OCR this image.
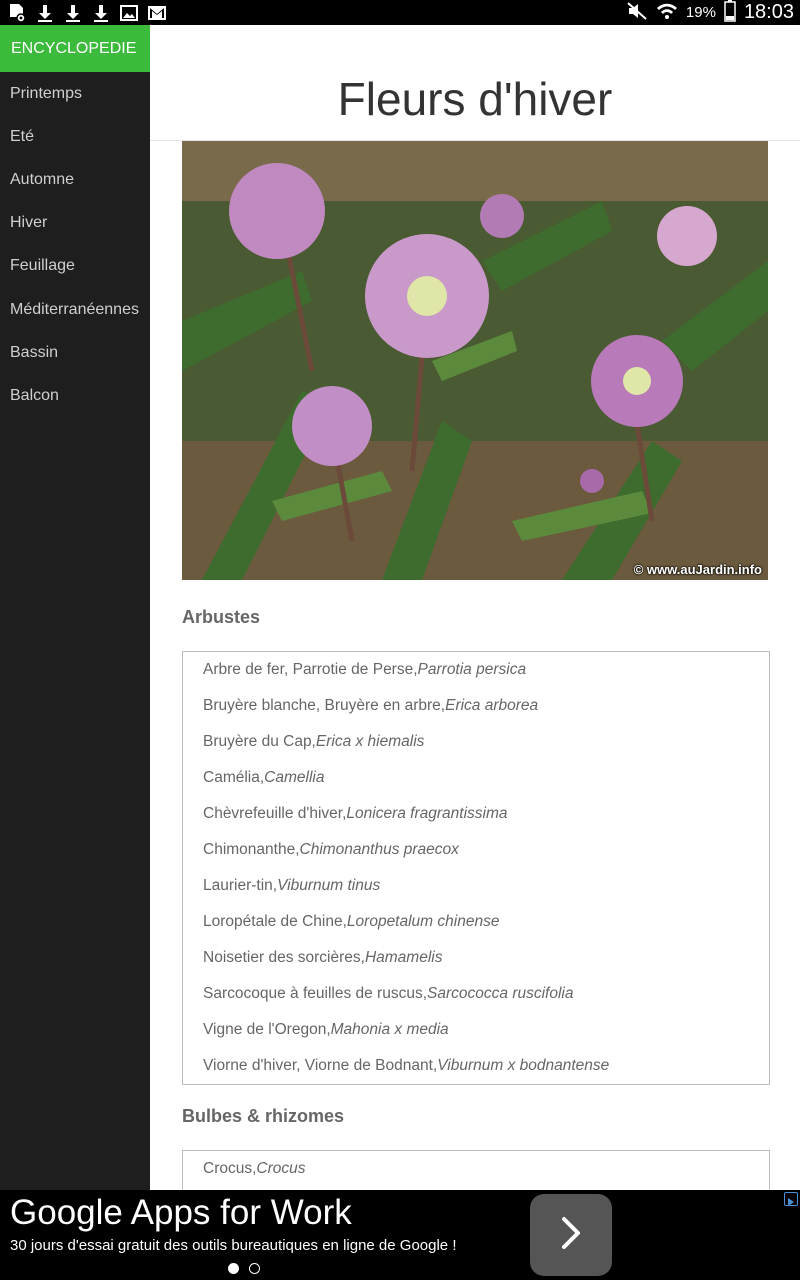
19% 18:03
ENCYCLOPEDIE
Printemps
Eté
Automne
Hiver
Feuillage
Méditerranéennes
Bassin
Balcon
Fleurs d'hiver
© www.auJardin.info
Arbustes
Arbre de fer, Parrotie de Perse, Parrotia persica
Bruyère blanche, Bruyère en arbre, Erica arborea
Bruyère du Cap, Erica x hiemalis
Camélia, Camellia
Chèvrefeuille d'hiver, Lonicera fragrantissima
Chimonanthe, Chimonanthus praecox
Laurier-tin, Viburnum tinus
Loropétale de Chine, Loropetalum chinense
Noisetier des sorcières, Hamamelis
Sarcocoque à feuilles de ruscus, Sarcococca ruscifolia
Vigne de l'Oregon, Mahonia x media
Viorne d'hiver, Viorne de Bodnant, Viburnum x bodnantense
Bulbes & rhizomes
Crocus, Crocus
Google Apps for Work
30 jours d'essai gratuit des outils bureautiques en ligne de Google !
